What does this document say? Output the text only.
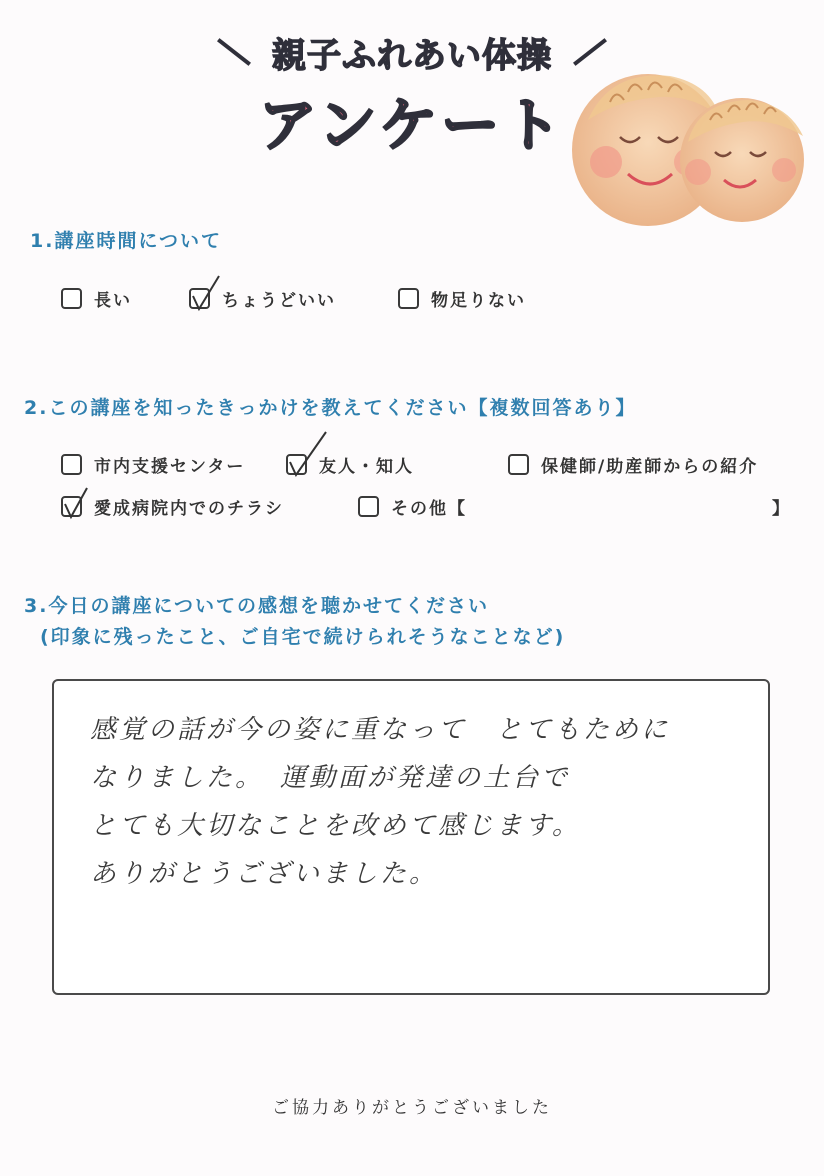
親子ふれあい体操
アンケート
1.講座時間について
長い	ちょうどいい	物足りない
2.この講座を知ったきっかけを教えてください【複数回答あり】
市内支援センター	友人・知人	保健師/助産師からの紹介
愛成病院内でのチラシ	その他【	】
3.今日の講座についての感想を聴かせてください
(印象に残ったこと、ご自宅で続けられそうなことなど)
感覚の話が今の姿に重なって　とてもために
なりました。　運動面が発達の土台で
とても大切なことを改めて感じます。
ありがとうございました。
ご協力ありがとうございました
